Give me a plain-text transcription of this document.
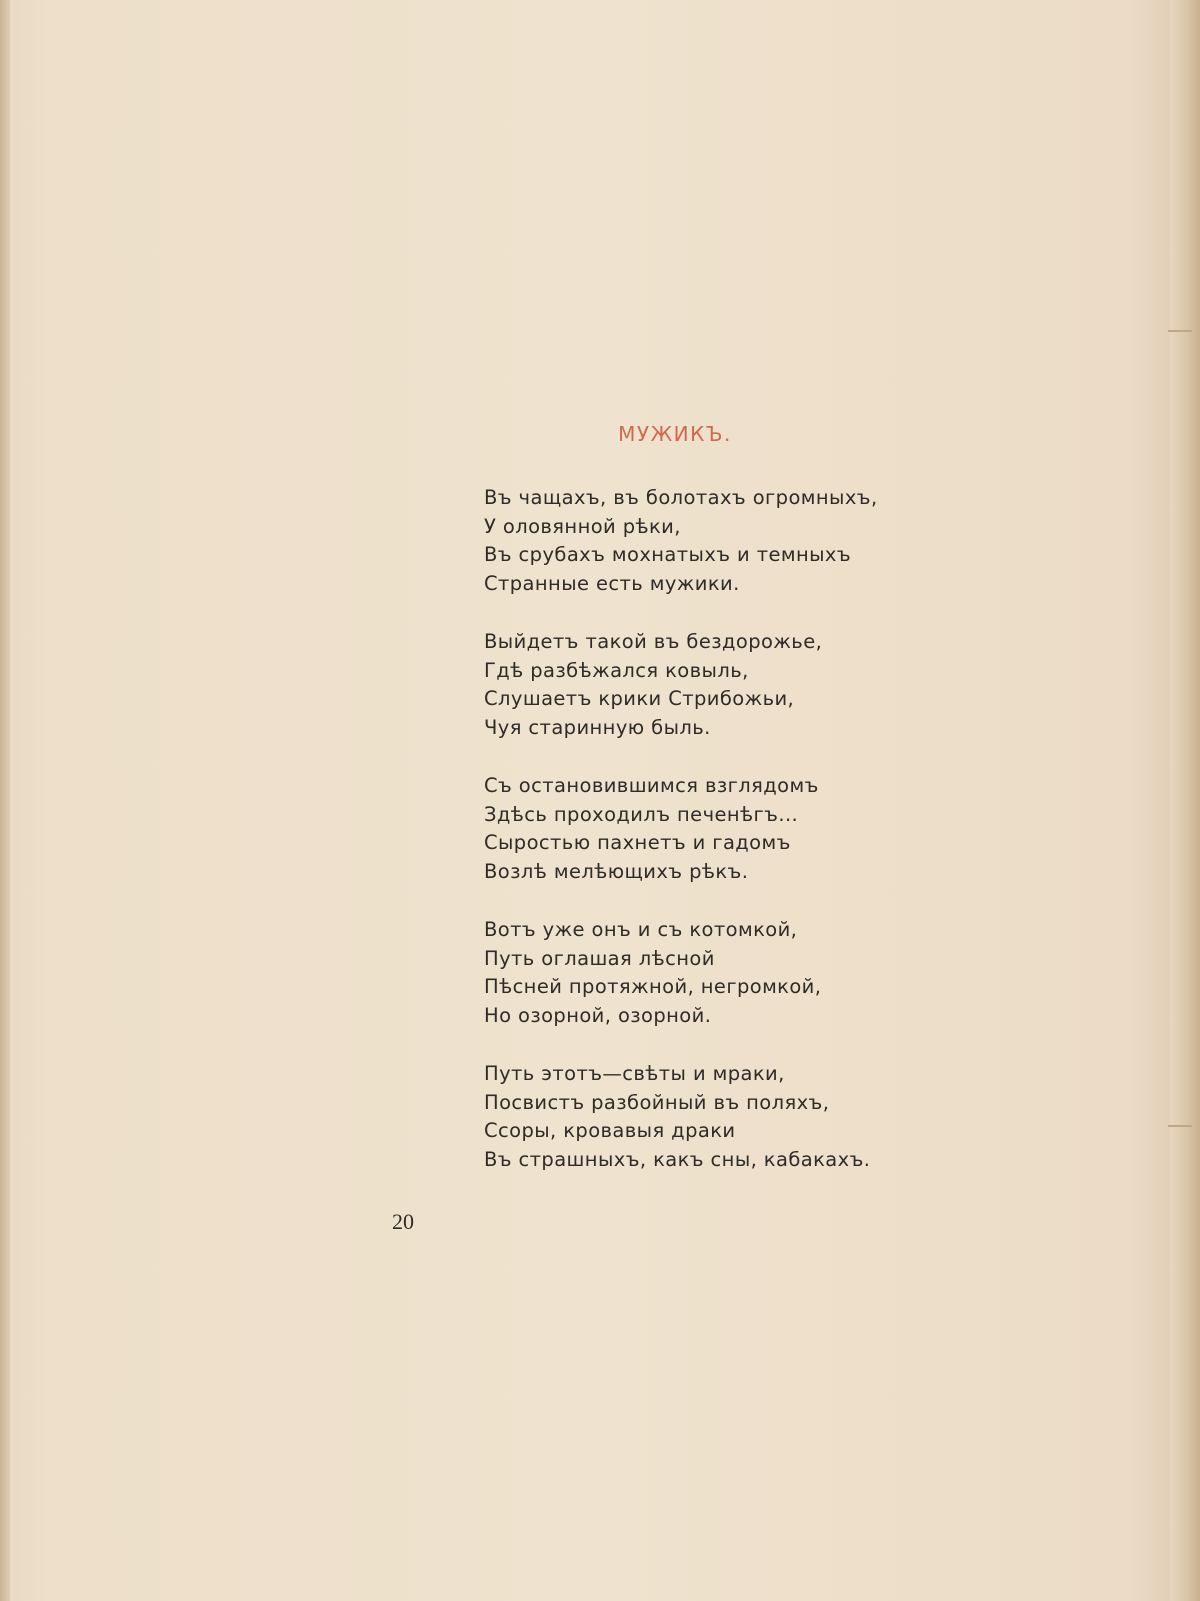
МУЖИКЪ.
Въ чащахъ, въ болотахъ огромныхъ,
У оловянной рѣки,
Въ срубахъ мохнатыхъ и темныхъ
Странные есть мужики.
Выйдетъ такой въ бездорожье,
Гдѣ разбѣжался ковыль,
Слушаетъ крики Стрибожьи,
Чуя старинную быль.
Съ остановившимся взглядомъ
Здѣсь проходилъ печенѣгъ...
Сыростью пахнетъ и гадомъ
Возлѣ мелѣющихъ рѣкъ.
Вотъ уже онъ и съ котомкой,
Путь оглашая лѣсной
Пѣсней протяжной, негромкой,
Но озорной, озорной.
Путь этотъ—свѣты и мраки,
Посвистъ разбойный въ поляхъ,
Ссоры, кровавыя драки
Въ страшныхъ, какъ сны, кабакахъ.
20
